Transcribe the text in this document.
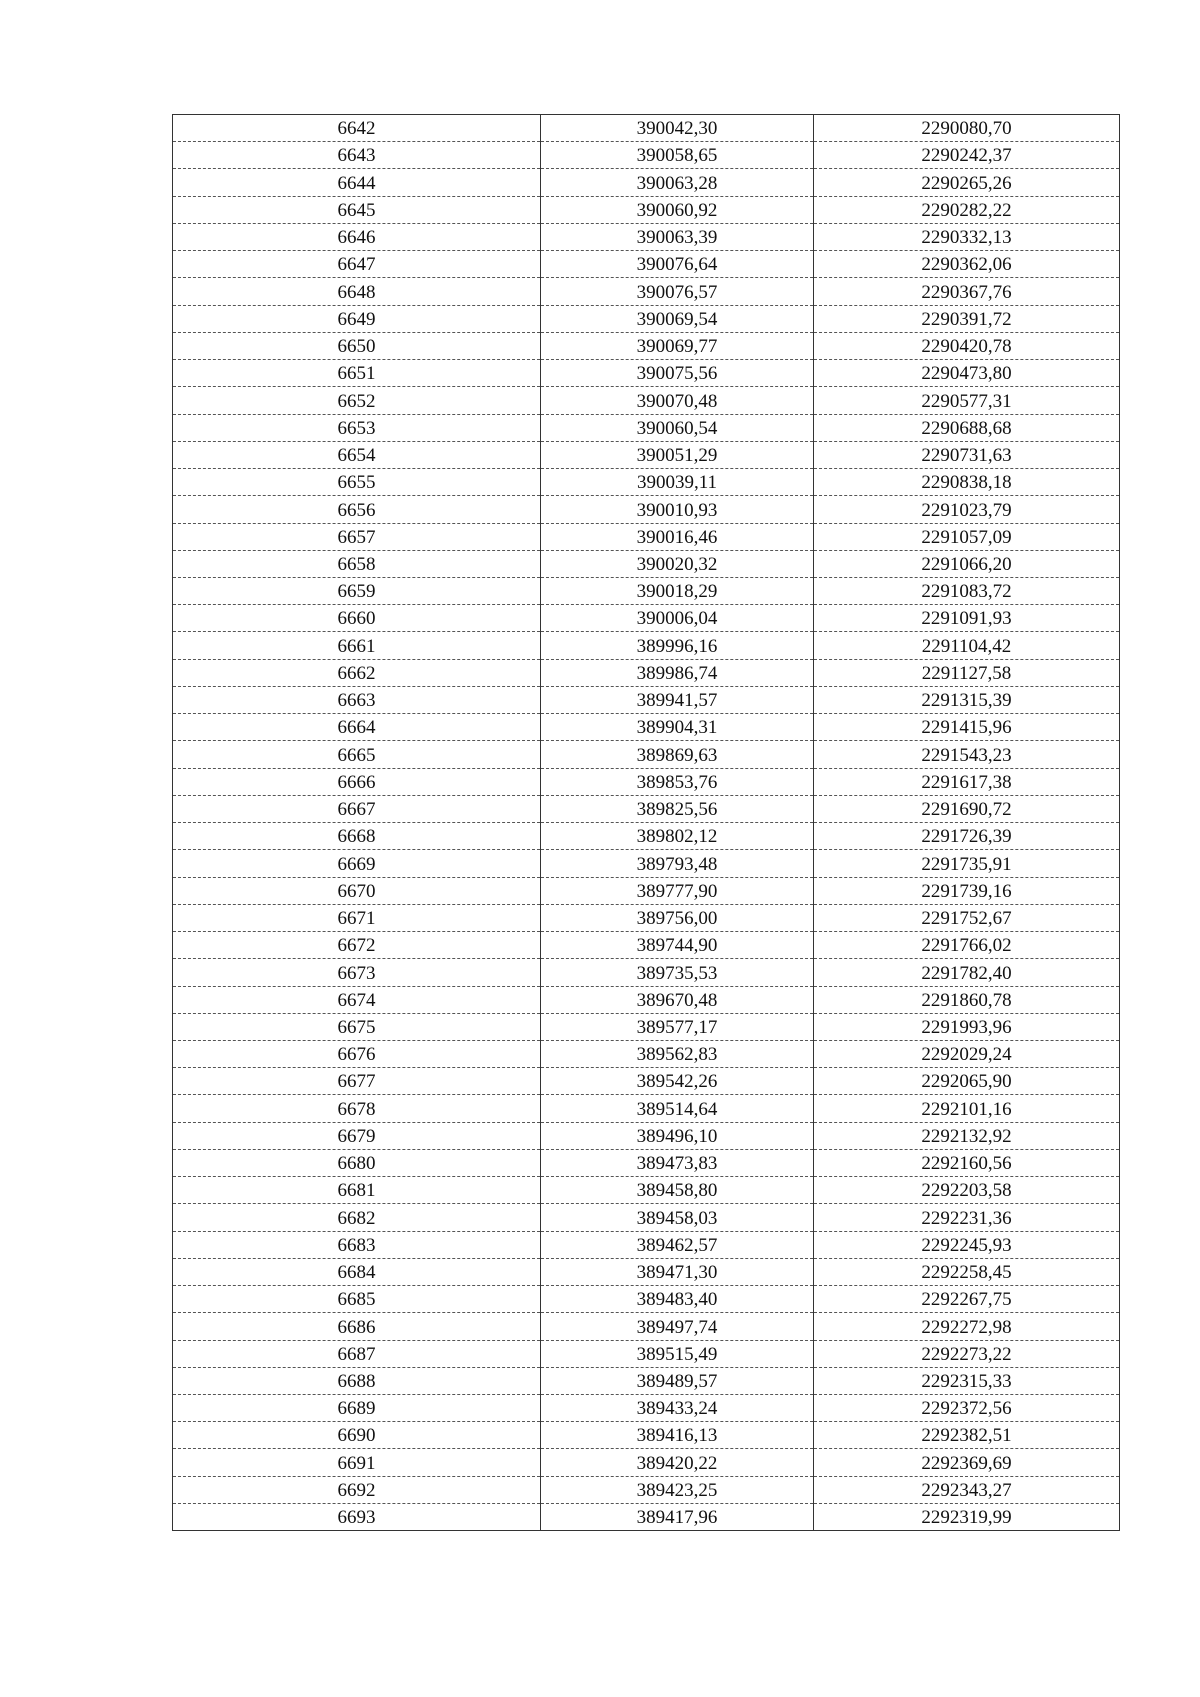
6642	390042,30	2290080,70
6643	390058,65	2290242,37
6644	390063,28	2290265,26
6645	390060,92	2290282,22
6646	390063,39	2290332,13
6647	390076,64	2290362,06
6648	390076,57	2290367,76
6649	390069,54	2290391,72
6650	390069,77	2290420,78
6651	390075,56	2290473,80
6652	390070,48	2290577,31
6653	390060,54	2290688,68
6654	390051,29	2290731,63
6655	390039,11	2290838,18
6656	390010,93	2291023,79
6657	390016,46	2291057,09
6658	390020,32	2291066,20
6659	390018,29	2291083,72
6660	390006,04	2291091,93
6661	389996,16	2291104,42
6662	389986,74	2291127,58
6663	389941,57	2291315,39
6664	389904,31	2291415,96
6665	389869,63	2291543,23
6666	389853,76	2291617,38
6667	389825,56	2291690,72
6668	389802,12	2291726,39
6669	389793,48	2291735,91
6670	389777,90	2291739,16
6671	389756,00	2291752,67
6672	389744,90	2291766,02
6673	389735,53	2291782,40
6674	389670,48	2291860,78
6675	389577,17	2291993,96
6676	389562,83	2292029,24
6677	389542,26	2292065,90
6678	389514,64	2292101,16
6679	389496,10	2292132,92
6680	389473,83	2292160,56
6681	389458,80	2292203,58
6682	389458,03	2292231,36
6683	389462,57	2292245,93
6684	389471,30	2292258,45
6685	389483,40	2292267,75
6686	389497,74	2292272,98
6687	389515,49	2292273,22
6688	389489,57	2292315,33
6689	389433,24	2292372,56
6690	389416,13	2292382,51
6691	389420,22	2292369,69
6692	389423,25	2292343,27
6693	389417,96	2292319,99
